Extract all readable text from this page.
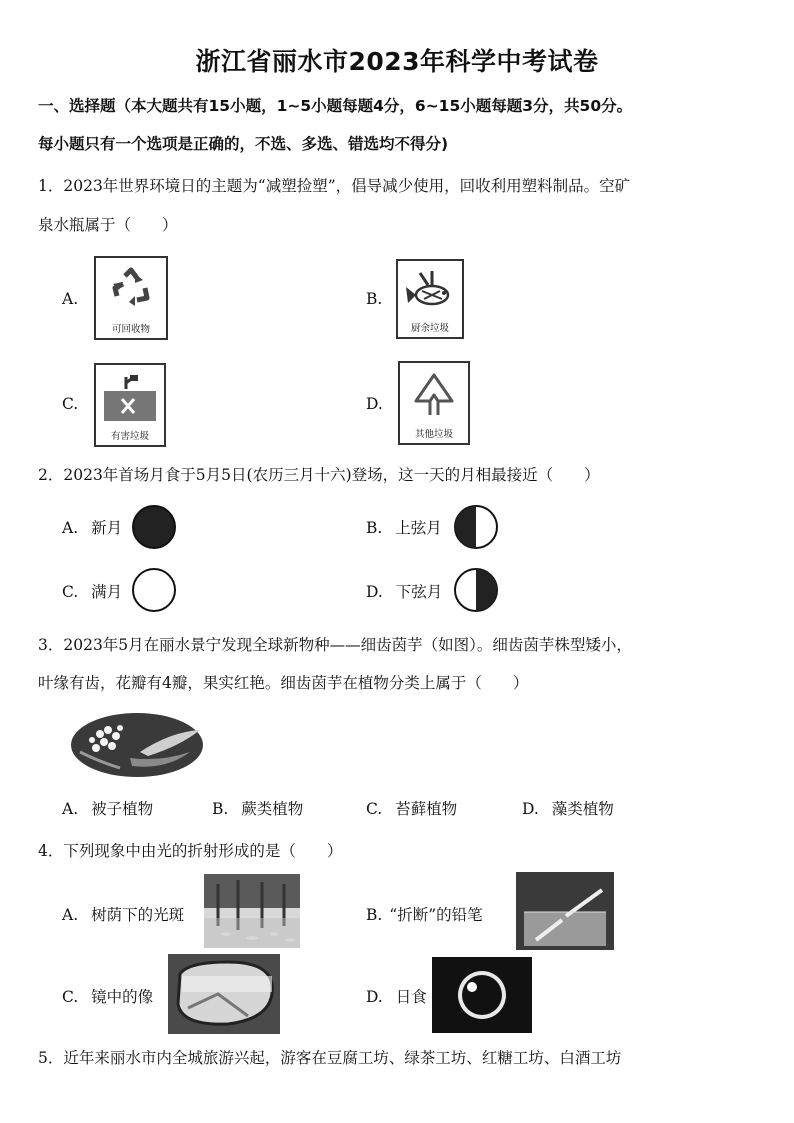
浙江省丽水市2023年科学中考试卷
一、选择题（本大题共有15小题，1~5小题每题4分，6~15小题每题3分，共50分。
每小题只有一个选项是正确的，不选、多选、错选均不得分)
1．2023年世界环境日的主题为“减塑捡塑”，倡导减少使用，回收利用塑料制品。空矿
泉水瓶属于（　　）
A.
可回收物
B.
厨余垃圾
C.
有害垃圾
D.
其他垃圾
2．2023年首场月食于5月5日(农历三月十六)登场，这一天的月相最接近（　　）
A. 新月	B. 上弦月
C. 满月	D. 下弦月
3．2023年5月在丽水景宁发现全球新物种——细齿茵芋（如图）。细齿茵芋株型矮小，
叶缘有齿，花瓣有4瓣，果实红艳。细齿茵芋在植物分类上属于（　　）
A. 被子植物	B. 蕨类植物	C. 苔藓植物	D. 藻类植物
4．下列现象中由光的折射形成的是（　　）
A. 树荫下的光斑	B. “折断”的铅笔
C. 镜中的像	D. 日食
5．近年来丽水市内全城旅游兴起，游客在豆腐工坊、绿茶工坊、红糖工坊、白酒工坊
